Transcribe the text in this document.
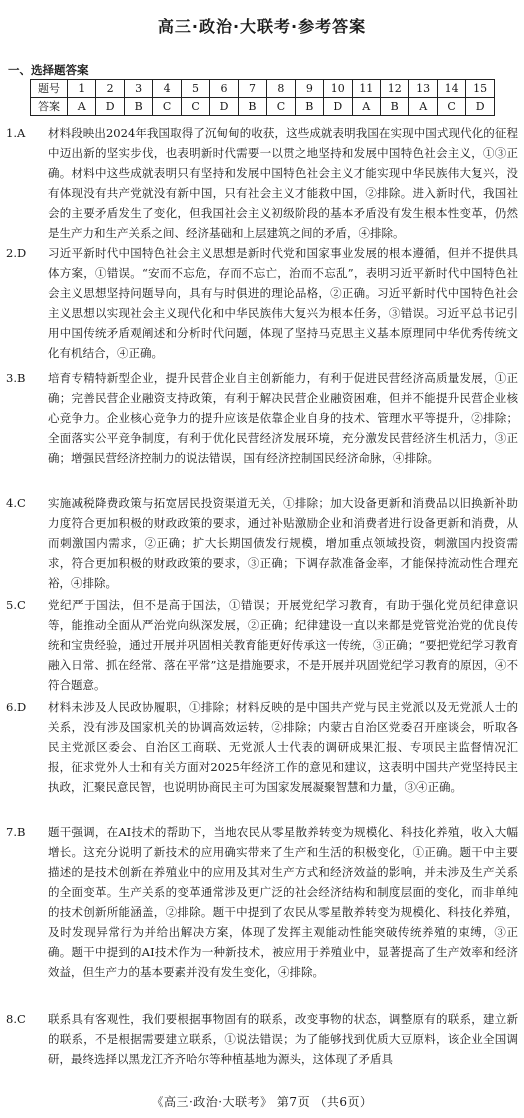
高三·政治·大联考·参考答案
一、选择题答案
题号	1	2	3	4	5	6	7	8	9	10	11	12	13	14	15
答案	A	D	B	C	C	D	B	C	B	D	A	B	A	C	D
1.A	材料段映出2024年我国取得了沉甸甸的收获，这些成就表明我国在实现中国式现代化的征程中迈出新的坚实步伐，也表明新时代需要一以贯之地坚持和发展中国特色社会主义，①③正确。材料中这些成就表明只有坚持和发展中国特色社会主义才能实现中华民族伟大复兴，没有体现没有共产党就没有新中国，只有社会主义才能救中国，②排除。进入新时代，我国社会的主要矛盾发生了变化，但我国社会主义初级阶段的基本矛盾没有发生根本性变革，仍然是生产力和生产关系之间、经济基础和上层建筑之间的矛盾，④排除。
2.D	习近平新时代中国特色社会主义思想是新时代党和国家事业发展的根本遵循，但并不提供具体方案，①错误。“安而不忘危，存而不忘亡，治而不忘乱”，表明习近平新时代中国特色社会主义思想坚持问题导向，具有与时俱进的理论品格，②正确。习近平新时代中国特色社会主义思想以实现社会主义现代化和中华民族伟大复兴为根本任务，③错误。习近平总书记引用中国传统矛盾观阐述和分析时代问题，体现了坚持马克思主义基本原理同中华优秀传统文化有机结合，④正确。
3.B	培育专精特新型企业，提升民营企业自主创新能力，有利于促进民营经济高质量发展，①正确；完善民营企业融资支持政策，有利于解决民营企业融资困难，但并不能提升民营企业核心竞争力。企业核心竞争力的提升应该是依靠企业自身的技术、管理水平等提升，②排除；全面落实公平竞争制度，有利于优化民营经济发展环境，充分激发民营经济生机活力，③正确；增强民营经济控制力的说法错误，国有经济控制国民经济命脉，④排除。
4.C	实施减税降费政策与拓宽居民投资渠道无关，①排除；加大设备更新和消费品以旧换新补助力度符合更加积极的财政政策的要求，通过补贴激励企业和消费者进行设备更新和消费，从而刺激国内需求，②正确；扩大长期国债发行规模，增加重点领域投资，刺激国内投资需求，符合更加积极的财政政策的要求，③正确；下调存款准备金率，才能保持流动性合理充裕，④排除。
5.C	党纪严于国法，但不是高于国法，①错误；开展党纪学习教育，有助于强化党员纪律意识等，能推动全面从严治党向纵深发展，②正确；纪律建设一直以来都是党管党治党的优良传统和宝贵经验，通过开展并巩固相关教育能更好传承这一传统，③正确；“要把党纪学习教育融入日常、抓在经常、落在平常”这是措施要求，不是开展并巩固党纪学习教育的原因，④不符合题意。
6.D	材料未涉及人民政协履职，①排除；材料反映的是中国共产党与民主党派以及无党派人士的关系，没有涉及国家机关的协调高效运转，②排除；内蒙古自治区党委召开座谈会，听取各民主党派区委会、自治区工商联、无党派人士代表的调研成果汇报、专项民主监督情况汇报，征求党外人士和有关方面对2025年经济工作的意见和建议，这表明中国共产党坚持民主执政，汇聚民意民智，也说明协商民主可为国家发展凝聚智慧和力量，③④正确。
7.B	题干强调，在AI技术的帮助下，当地农民从零星散养转变为规模化、科技化养殖，收入大幅增长。这充分说明了新技术的应用确实带来了生产和生活的积极变化，①正确。题干中主要描述的是技术创新在养殖业中的应用及其对生产方式和经济效益的影响，并未涉及生产关系的全面变革。生产关系的变革通常涉及更广泛的社会经济结构和制度层面的变化，而非单纯的技术创新所能涵盖，②排除。题干中提到了农民从零星散养转变为规模化、科技化养殖，及时发现异常行为并给出解决方案，体现了发挥主观能动性能突破传统养殖的束缚，③正确。题干中提到的AI技术作为一种新技术，被应用于养殖业中，显著提高了生产效率和经济效益，但生产力的基本要素并没有发生变化，④排除。
8.C	联系具有客观性，我们要根据事物固有的联系，改变事物的状态，调整原有的联系，建立新的联系，不是根据需要建立联系，①说法错误；为了能够找到优质大豆原料，该企业全国调研，最终选择以黑龙江齐齐哈尔等种植基地为源头，这体现了矛盾具
《高三·政治·大联考》 第7页 （共6页）
